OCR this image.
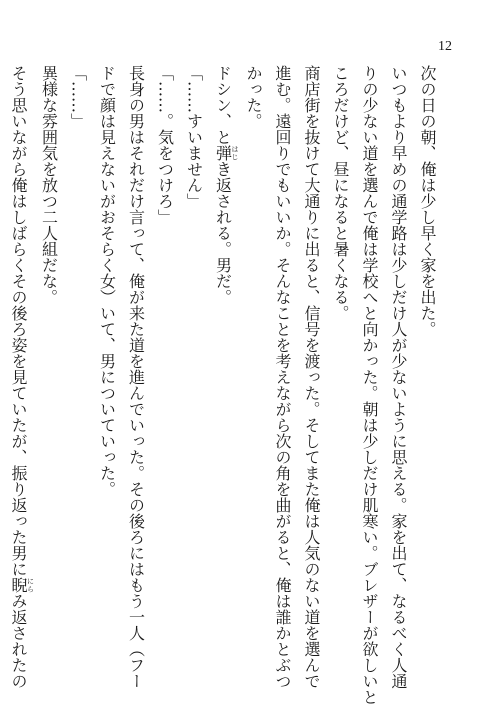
12
次の日の朝、俺は少し早く家を出た。
いつもより早めの通学路は少しだけ人が少ないように思える。家を出て、なるべく人通
りの少ない道を選んで俺は学校へと向かった。朝は少しだけ肌寒い。ブレザーが欲しいと
ころだけど、昼になると暑くなる。
商店街を抜けて大通りに出ると、信号を渡った。そしてまた俺は人気のない道を選んで
進む。遠回りでもいいか。そんなことを考えながら次の角を曲がると、俺は誰かとぶつ
かった。
ドシン、と弾はじき返される。男だ。
「……すいません」
「……。気をつけろ」
長身の男はそれだけ言って、俺が来た道を進んでいった。その後ろにはもう一人（フー
ドで顔は見えないがおそらく女）いて、男についていった。
「……」
異様な雰囲気を放つ二人組だな。
そう思いながら俺はしばらくその後ろ姿を見ていたが、振り返った男に睨にらみ返されたの
